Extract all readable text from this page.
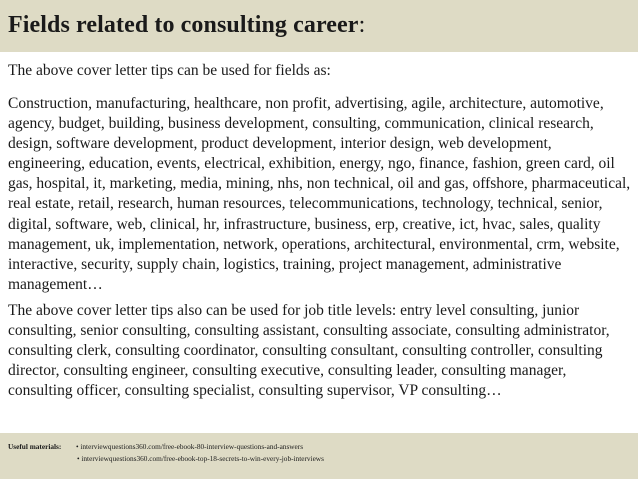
Fields related to consulting career:

The above cover letter tips can be used for fields as:

Construction, manufacturing, healthcare, non profit, advertising, agile, architecture, automotive, agency, budget, building, business development, consulting, communication, clinical research, design, software development, product development, interior design, web development, engineering, education, events, electrical, exhibition, energy, ngo, finance, fashion, green card, oil gas, hospital, it, marketing, media, mining, nhs, non technical, oil and gas, offshore, pharmaceutical, real estate, retail, research, human resources, telecommunications, technology, technical, senior, digital, software, web, clinical, hr, infrastructure, business, erp, creative, ict, hvac, sales, quality management, uk, implementation, network, operations, architectural, environmental, crm, website, interactive, security, supply chain, logistics, training, project management, administrative management…

The above cover letter tips also can be used for job title levels: entry level consulting, junior consulting, senior consulting, consulting assistant, consulting associate, consulting administrator, consulting clerk, consulting coordinator, consulting consultant, consulting controller, consulting director, consulting engineer, consulting executive, consulting leader, consulting manager, consulting officer, consulting specialist, consulting supervisor, VP consulting…

Useful materials: • interviewquestions360.com/free-ebook-80-interview-questions-and-answers
• interviewquestions360.com/free-ebook-top-18-secrets-to-win-every-job-interviews
